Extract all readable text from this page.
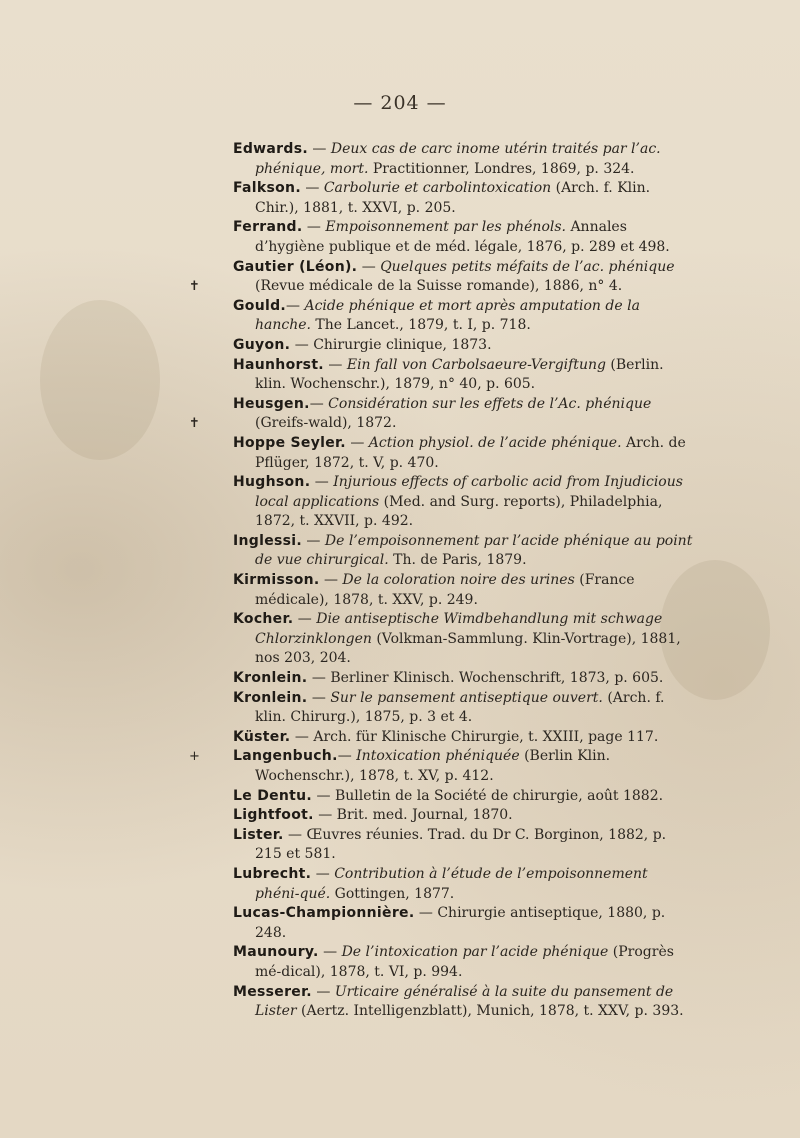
— 204 —

Edwards. — Deux cas de carc inome utérin traités par l’ac. phénique, mort. Practitionner, Londres, 1869, p. 324.

Falkson. — Carbolurie et carbolintoxication (Arch. f. Klin. Chir.), 1881, t. XXVI, p. 205.

Ferrand. — Empoisonnement par les phénols. Annales d’hygiène publique et de méd. légale, 1876, p. 289 et 498.

✝
Gautier (Léon). — Quelques petits méfaits de l’ac. phénique (Revue médicale de la Suisse romande), 1886, n° 4.

Gould.— Acide phénique et mort après amputation de la hanche. The Lancet., 1879, t. I, p. 718.

Guyon. — Chirurgie clinique, 1873.

Haunhorst. — Ein fall von Carbolsaeure-Vergiftung (Berlin. klin. Wochenschr.), 1879, n° 40, p. 605.

✝
Heusgen.— Considération sur les effets de l’Ac. phénique (Greifs-wald), 1872.

Hoppe Seyler. — Action physiol. de l’acide phénique. Arch. de Pflüger, 1872, t. V, p. 470.

Hughson. — Injurious effects of carbolic acid from Injudicious local applications (Med. and Surg. reports), Philadelphia, 1872, t. XXVII, p. 492.

Inglessi. — De l’empoisonnement par l’acide phénique au point de vue chirurgical. Th. de Paris, 1879.

Kirmisson. — De la coloration noire des urines (France médicale), 1878, t. XXV, p. 249.

Kocher. — Die antiseptische Wimdbehandlung mit schwage Chlorzinklongen (Volkman-Sammlung. Klin-Vortrage), 1881, nos 203, 204.

Kronlein. — Berliner Klinisch. Wochenschrift, 1873, p. 605.

Kronlein. — Sur le pansement antiseptique ouvert. (Arch. f. klin. Chirurg.), 1875, p. 3 et 4.

Küster. — Arch. für Klinische Chirurgie, t. XXIII, page 117.

+	Langenbuch.— Intoxication phéniquée (Berlin Klin. Wochenschr.), 1878, t. XV, p. 412.

Le Dentu. — Bulletin de la Société de chirurgie, août 1882.

Lightfoot. — Brit. med. Journal, 1870.

Lister. — Œuvres réunies. Trad. du Dr C. Borginon, 1882, p. 215 et 581.

Lubrecht. — Contribution à l’étude de l’empoisonnement phéni-qué. Gottingen, 1877.

Lucas-Championnière. — Chirurgie antiseptique, 1880, p. 248.

Maunoury. — De l’intoxication par l’acide phénique (Progrès mé-dical), 1878, t. VI, p. 994.

Messerer. — Urticaire généralisé à la suite du pansement de Lister (Aertz. Intelligenzblatt), Munich, 1878, t. XXV, p. 393.
